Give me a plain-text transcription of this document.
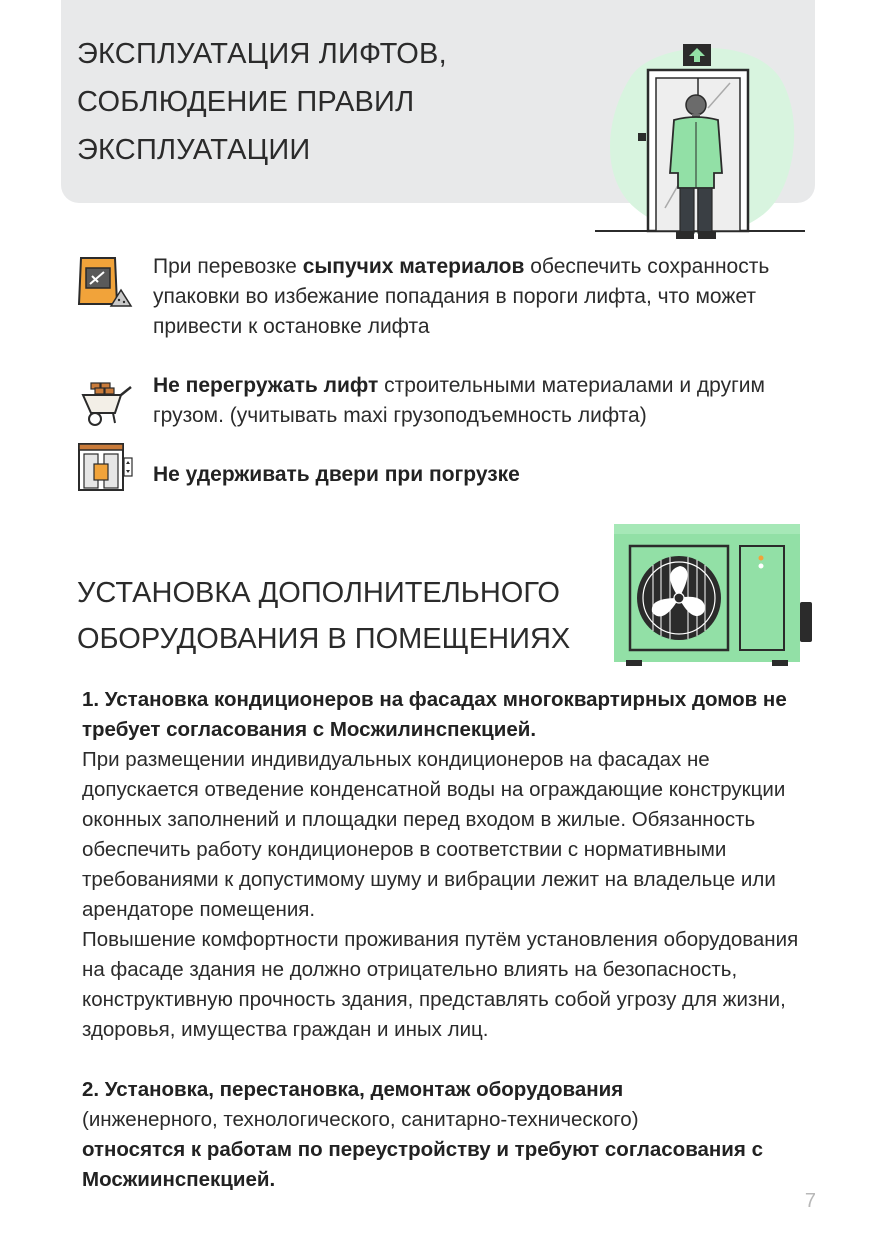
ЭКСПЛУАТАЦИЯ ЛИФТОВ,
СОБЛЮДЕНИЕ ПРАВИЛ
ЭКСПЛУАТАЦИИ
При перевозке сыпучих материалов обеспечить сохранность упаковки во избежание попадания в пороги лифта, что может привести к остановке лифта
Не перегружать лифт строительными материалами и другим грузом. (учитывать maxi грузоподъемность лифта)
Не удерживать двери при погрузке
УСТАНОВКА ДОПОЛНИТЕЛЬНОГО
ОБОРУДОВАНИЯ В ПОМЕЩЕНИЯХ
1. Установка кондиционеров на фасадах многоквартирных домов не требует согласования с Мосжилинспекцией.
При размещении индивидуальных кондиционеров на фасадах не допускается отведение конденсатной воды на ограждающие конструкции оконных заполнений и площадки перед входом в жилые. Обязанность обеспечить работу кондиционеров в соответствии с нормативными требованиями к допустимому шуму и вибрации лежит на владельце или арендаторе помещения.
Повышение комфортности проживания путём установления оборудования на фасаде здания не должно отрицательно влиять на безопасность, конструктивную прочность здания, представлять собой угрозу для жизни, здоровья, имущества граждан и иных лиц.
2. Установка, перестановка, демонтаж оборудования
(инженерного, технологического, санитарно-технического)
относятся к работам по переустройству и требуют согласования с Мосжиинспекцией.
7
